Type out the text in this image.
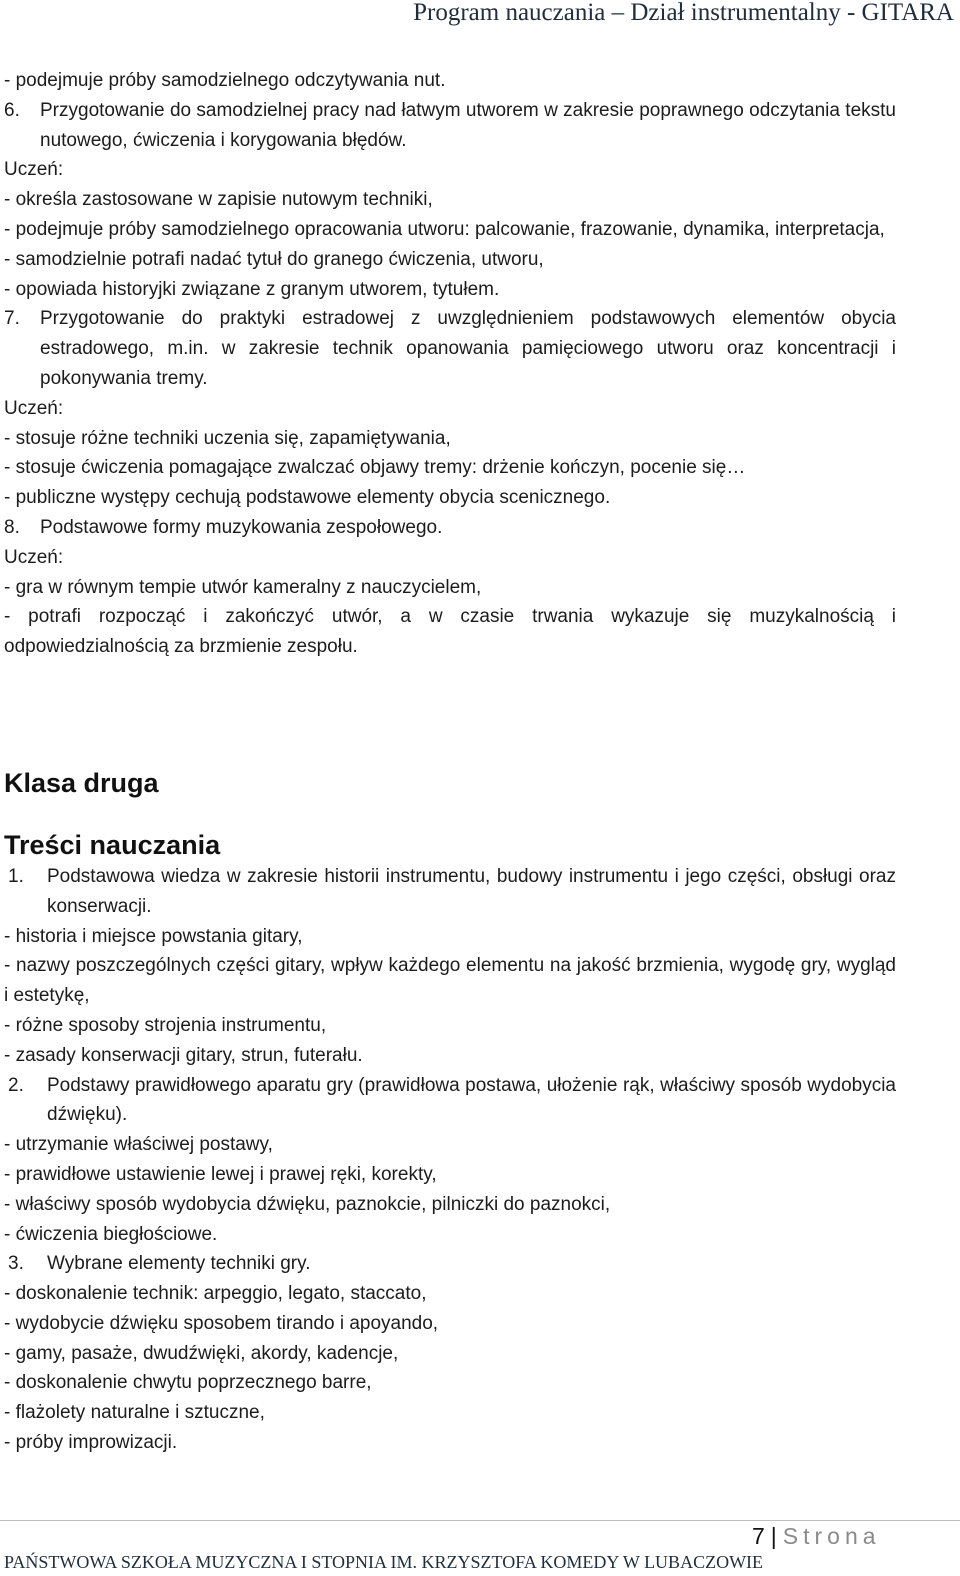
Program nauczania – Dział instrumentalny - GITARA

- podejmuje próby samodzielnego odczytywania nut.

6.	Przygotowanie do samodzielnej pracy nad łatwym utworem w zakresie poprawnego odczytania tekstu nutowego, ćwiczenia i korygowania błędów.

Uczeń:

- określa zastosowane w zapisie nutowym techniki,

- podejmuje próby samodzielnego opracowania utworu: palcowanie, frazowanie, dynamika, interpretacja,

- samodzielnie potrafi nadać tytuł do granego ćwiczenia, utworu,

- opowiada historyjki związane z granym utworem, tytułem.

7.	Przygotowanie do praktyki estradowej z uwzględnieniem podstawowych elementów obycia estradowego, m.in. w zakresie technik opanowania pamięciowego utworu oraz koncentracji i pokonywania tremy.

Uczeń:

- stosuje różne techniki uczenia się, zapamiętywania,

- stosuje ćwiczenia pomagające zwalczać objawy tremy: drżenie kończyn, pocenie się…

- publiczne występy cechują podstawowe elementy obycia scenicznego.

8.	Podstawowe formy muzykowania zespołowego.

Uczeń:

- gra w równym tempie utwór kameralny z nauczycielem,

- potrafi rozpocząć i zakończyć utwór, a w czasie trwania wykazuje się muzykalnością i odpowiedzialnością za brzmienie zespołu.

Klasa druga
Treści nauczania
1.	Podstawowa wiedza w zakresie historii instrumentu, budowy instrumentu i jego części, obsługi oraz konserwacji.

- historia i miejsce powstania gitary,

- nazwy poszczególnych części gitary, wpływ każdego elementu na jakość brzmienia, wygodę gry, wygląd i estetykę,

- różne sposoby strojenia instrumentu,

- zasady konserwacji gitary, strun, futerału.

2.	Podstawy prawidłowego aparatu gry (prawidłowa postawa, ułożenie rąk, właściwy sposób wydobycia dźwięku).

- utrzymanie właściwej postawy,

- prawidłowe ustawienie lewej i prawej ręki, korekty,

- właściwy sposób wydobycia dźwięku, paznokcie, pilniczki do paznokci,

- ćwiczenia biegłościowe.

3.	Wybrane elementy techniki gry.

- doskonalenie technik: arpeggio, legato, staccato,

- wydobycie dźwięku sposobem tirando i apoyando,

- gamy, pasaże, dwudźwięki, akordy, kadencje,

- doskonalenie chwytu poprzecznego barre,

- flażolety naturalne i sztuczne,

- próby improwizacji.

7 | Strona
PAŃSTWOWA SZKOŁA MUZYCZNA I STOPNIA IM. KRZYSZTOFA KOMEDY W LUBACZOWIE
